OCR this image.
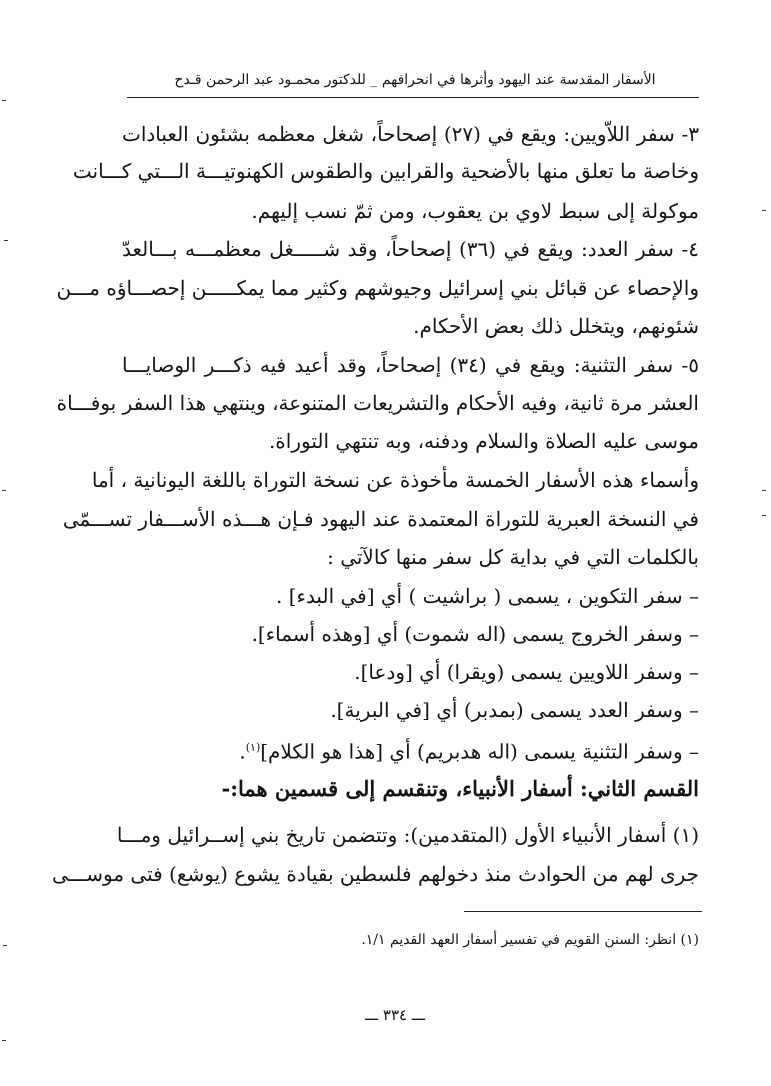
الأسفار المقدسة عند اليهود وأثرها في انحرافهم _ للدكتور محمـود عبد الرحمن قـدح
٣- سفر اللاّويين: ويقع في (٢٧) إصحاحاً، شغل معظمه بشئون العبادات
وخاصة ما تعلق منها بالأضحية والقرابين والطقوس الكهنوتيـــة الـــتي كـــانت
موكولة إلى سبط لاوي بن يعقوب، ومن ثمّ نسب إليهم.
٤- سفر العدد: ويقع في (٣٦) إصحاحاً، وقد شـــــغل معظمـــه بـــالعدّ
والإحصاء عن قبائل بني إسرائيل وجيوشهم وكثير مما يمكـــــن إحصـــاؤه مـــن
شئونهم، ويتخلل ذلك بعض الأحكام.
٥- سفر التثنية: ويقع في (٣٤) إصحاحاً، وقد أعيد فيه ذكـــر الوصايـــا
العشر مرة ثانية، وفيه الأحكام والتشريعات المتنوعة، وينتهي هذا السفر بوفـــاة
موسى عليه الصلاة والسلام ودفنه، وبه تنتهي التوراة.
وأسماء هذه الأسفار الخمسة مأخوذة عن نسخة التوراة باللغة اليونانية ، أما
في النسخة العبرية للتوراة المعتمدة عند اليهود فـإن هـــذه الأســـفار تســـمّى
بالكلمات التي في بداية كل سفر منها كالآتي :
– سفر التكوين ، يسمى ( براشيت ) أي [في البدء] .
– وسفر الخروج يسمى (اله شموت) أي [وهذه أسماء].
– وسفر اللاويين يسمى (ويقرا) أي [ودعا].
– وسفر العدد يسمى (بمدبر) أي [في البرية].
– وسفر التثنية يسمى (اله هدبريم) أي [هذا هو الكلام]$^{(١)}$.
القسم الثاني: أسفار الأنبياء، وتنقسم إلى قسمين هما:-
(١) أسفار الأنبياء الأول (المتقدمين): وتتضمن تاريخ بني إســرائيل ومـــا
جرى لهم من الحوادث منذ دخولهم فلسطين بقيادة يشوع (يوشع) فتى موســـى
(١) انظر: السنن القويم في تفسير أسفار العهد القديم ١/١.
ـــ ٣٣٤ ـــ
